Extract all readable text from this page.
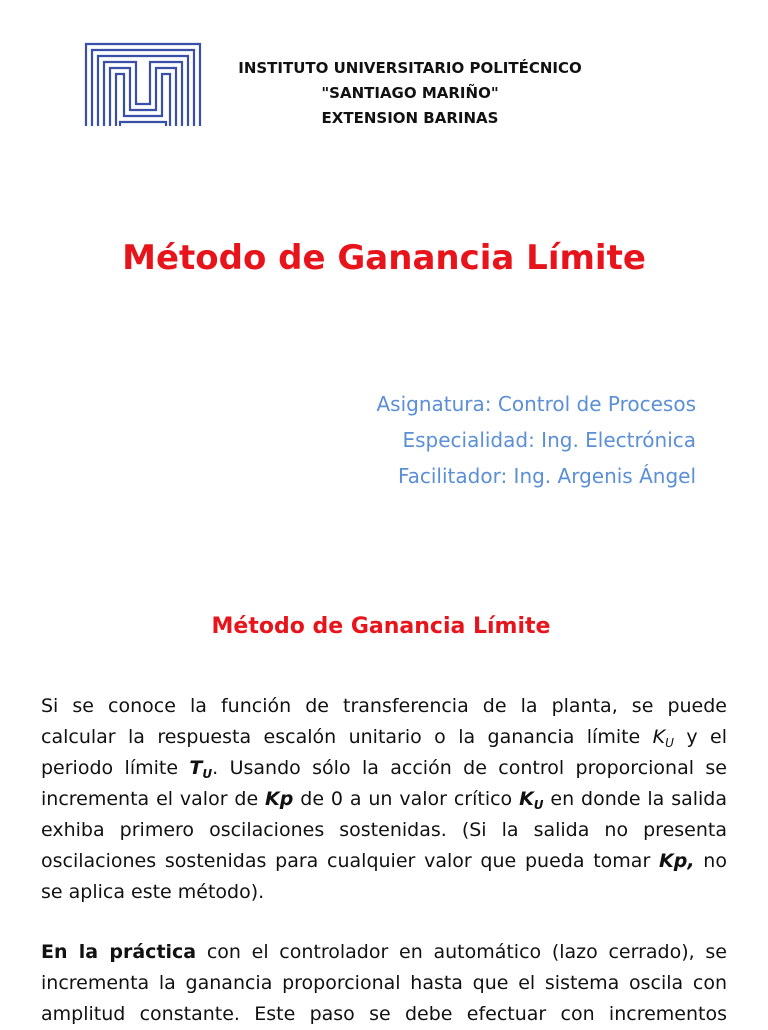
INSTITUTO UNIVERSITARIO POLITÉCNICO
"SANTIAGO MARIÑO"
EXTENSION BARINAS
Método de Ganancia Límite
Asignatura: Control de Procesos
Especialidad: Ing. Electrónica
Facilitador: Ing. Argenis Ángel
Método de Ganancia Límite
Si se conoce la función de transferencia de la planta, se puede
calcular la respuesta escalón unitario o la ganancia límite $K_U$ y el
periodo límite $T_U$. Usando sólo la acción de control proporcional se
incrementa el valor de Kp de 0 a un valor crítico $K_U$ en donde la salida
exhiba primero oscilaciones sostenidas. (Si la salida no presenta
oscilaciones sostenidas para cualquier valor que pueda tomar Kp, no
se aplica este método).
En la práctica con el controlador en automático (lazo cerrado), se
incrementa la ganancia proporcional hasta que el sistema oscila con
amplitud constante. Este paso se debe efectuar con incrementos
